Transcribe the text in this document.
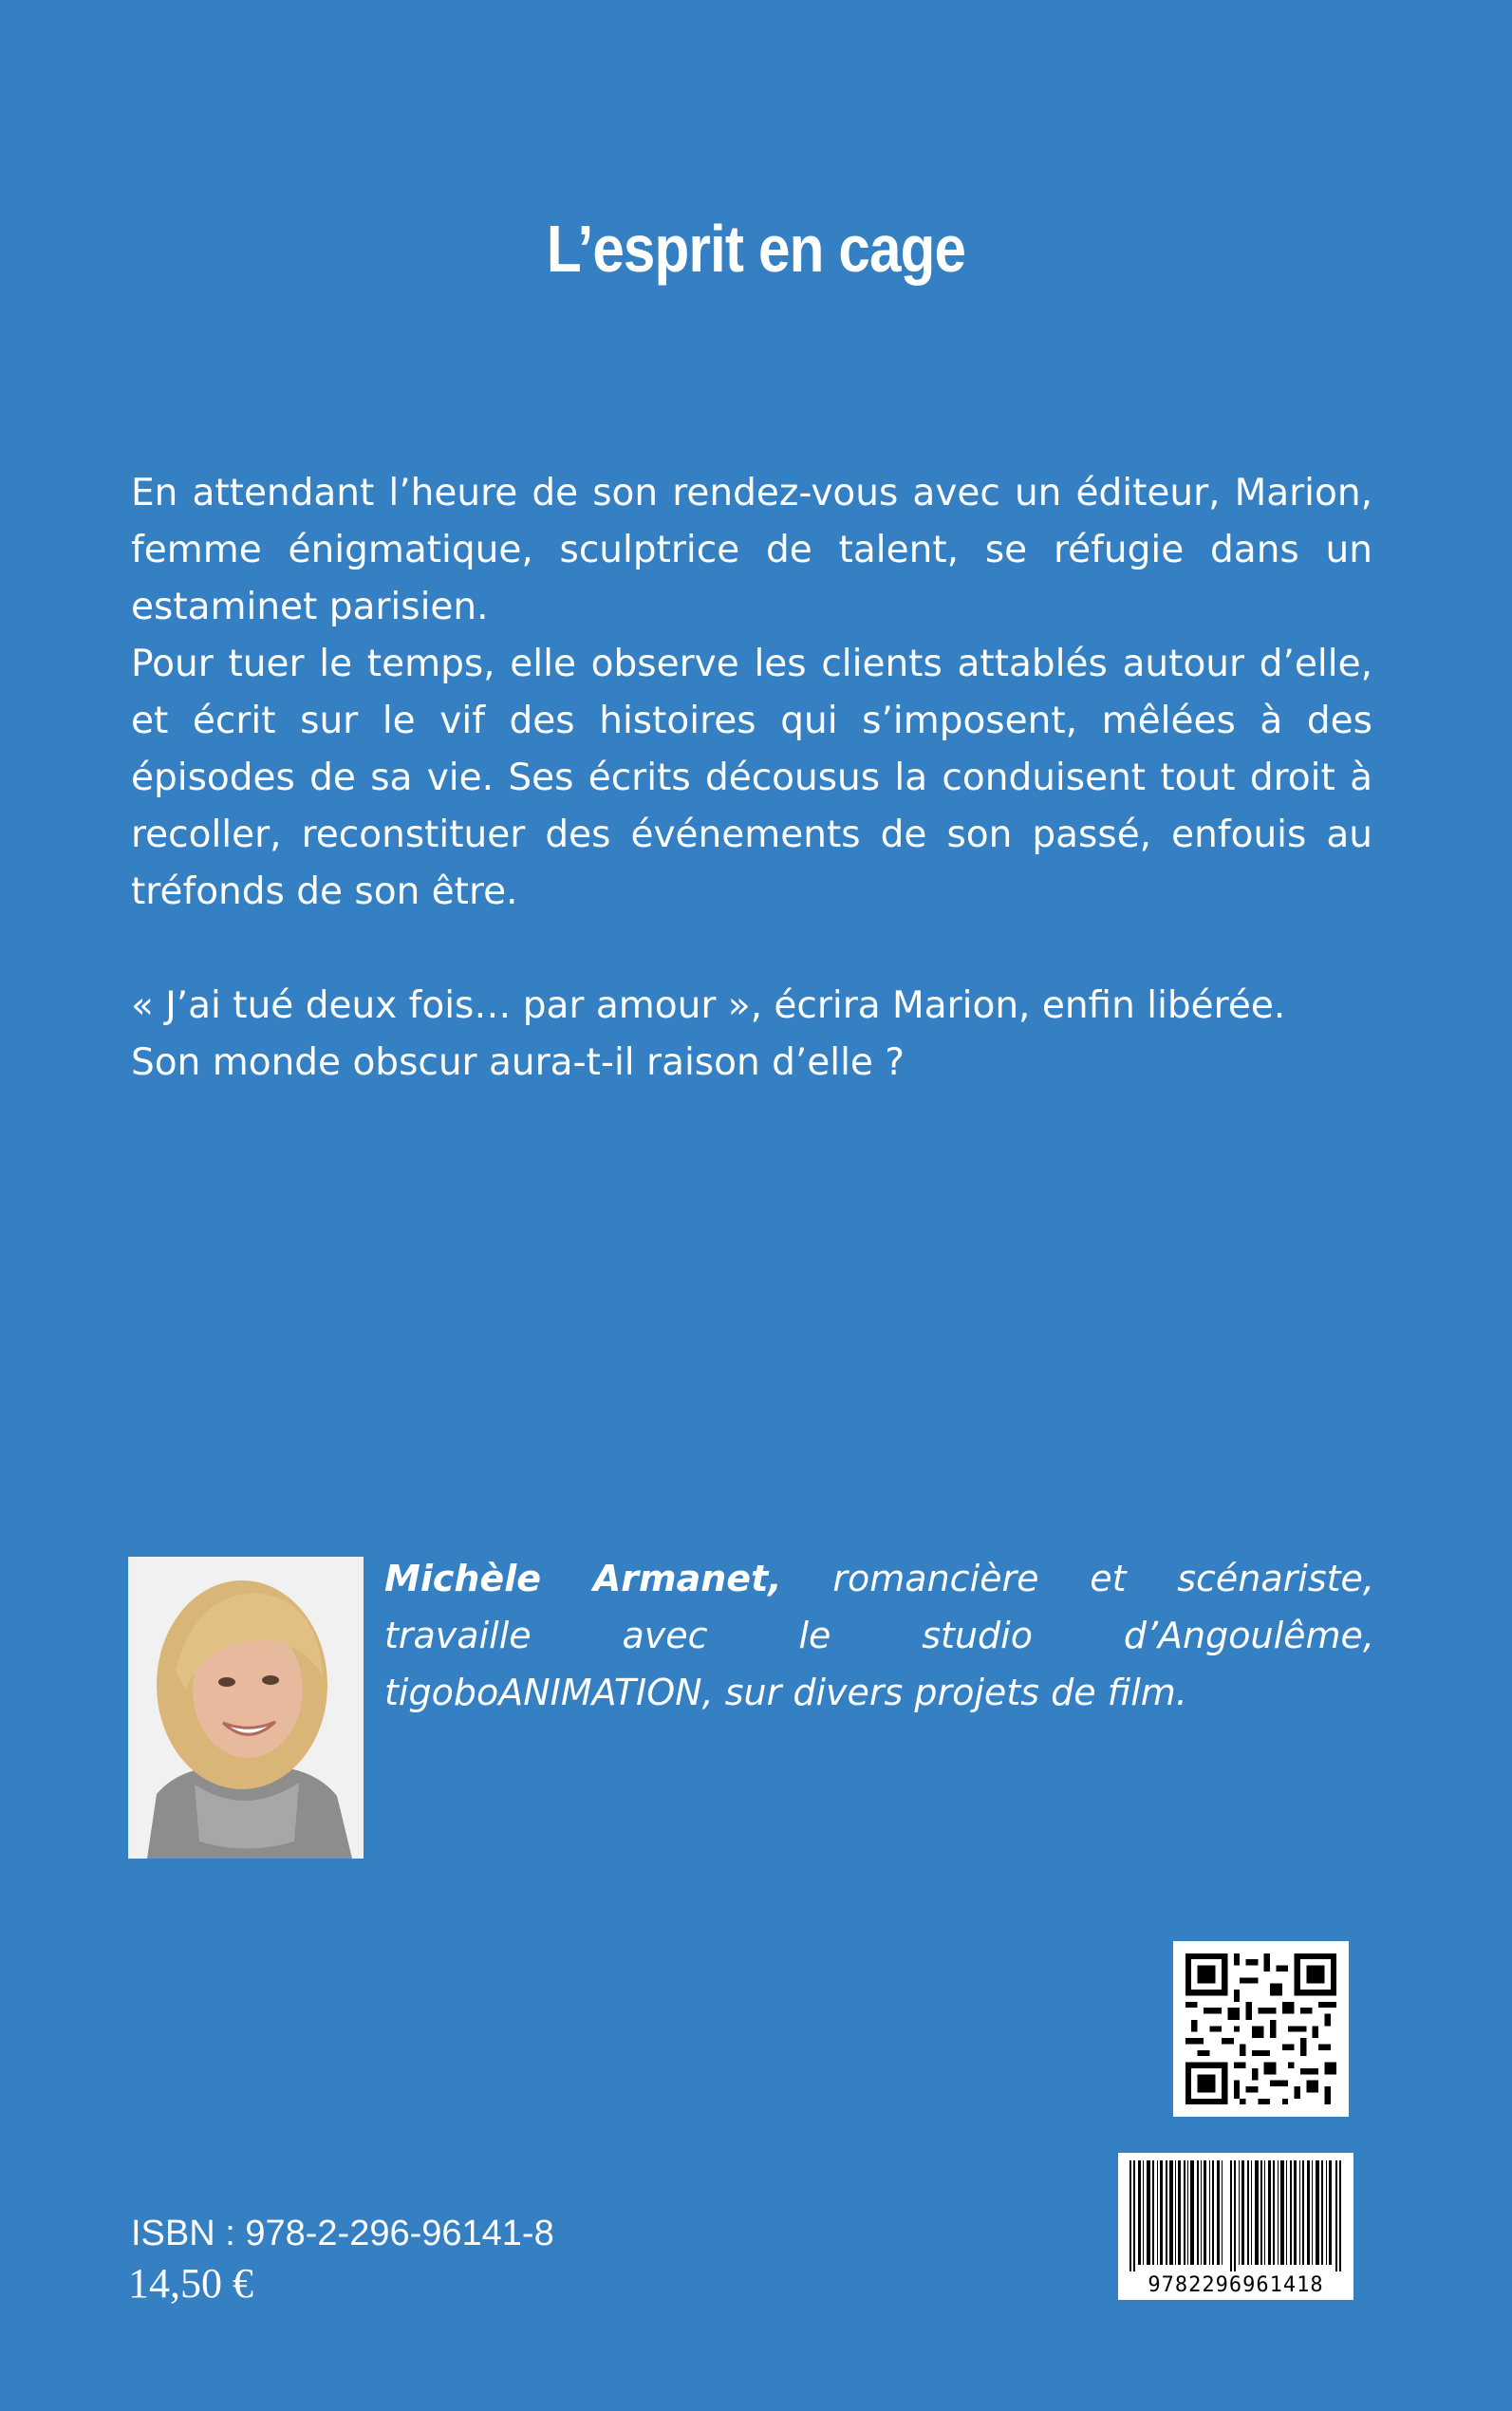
L’esprit en cage

En attendant l’heure de son rendez-vous avec un éditeur, Marion, femme énigmatique, sculptrice de talent, se réfugie dans un estaminet parisien.

Pour tuer le temps, elle observe les clients attablés autour d’elle, et écrit sur le vif des histoires qui s’imposent, mêlées à des épisodes de sa vie. Ses écrits décousus la conduisent tout droit à recoller, reconstituer des événements de son passé, enfouis au tréfonds de son être.

« J’ai tué deux fois… par amour », écrira Marion, enfin libérée.

Son monde obscur aura-t-il raison d’elle ?

Michèle Armanet, romancière et scénariste, travaille avec le studio d’Angoulême, tigoboANIMATION, sur divers projets de film.
9782296961418
ISBN : 978-2-296-96141-8
14,50 €
